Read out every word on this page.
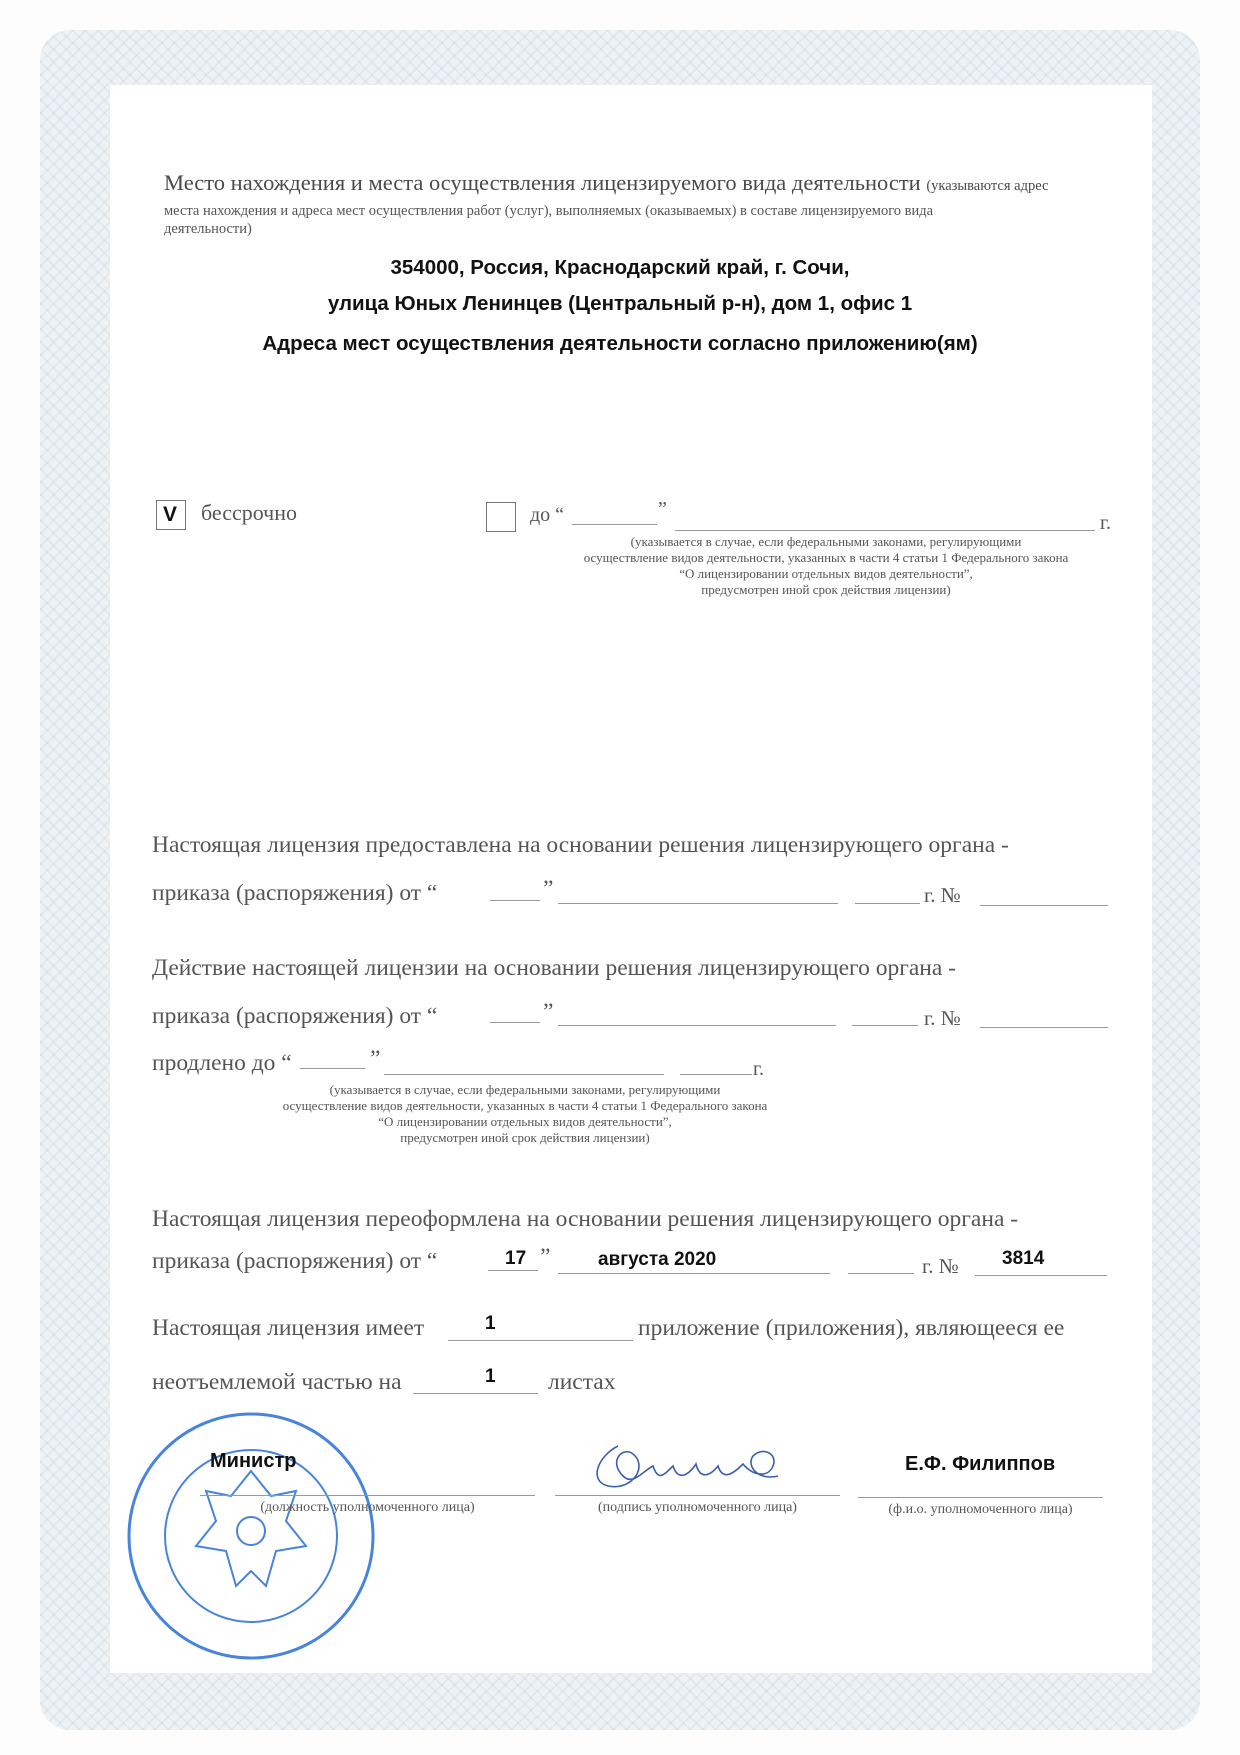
Место нахождения и места осуществления лицензируемого вида деятельности (указываются адрес
места нахождения и адреса мест осуществления работ (услуг), выполняемых (оказываемых) в составе лицензируемого вида
деятельности)
354000, Россия, Краснодарский край, г. Сочи,
улица Юных Ленинцев (Центральный р-н), дом 1, офис 1
Адреса мест осуществления деятельности согласно приложению(ям)
V бессрочно	до “	”
г.
(указывается в случае, если федеральными законами, регулирующими
осуществление видов деятельности, указанных в части 4 статьи 1 Федерального закона
“О лицензировании отдельных видов деятельности”,
предусмотрен иной срок действия лицензии)
Настоящая лицензия предоставлена на основании решения лицензирующего органа -
приказа (распоряжения) от “	”	г. №
Действие настоящей лицензии на основании решения лицензирующего органа -
приказа (распоряжения) от “	”	г. №
продлено до “	”	г.
(указывается в случае, если федеральными законами, регулирующими
осуществление видов деятельности, указанных в части 4 статьи 1 Федерального закона
“О лицензировании отдельных видов деятельности”,
предусмотрен иной срок действия лицензии)
Настоящая лицензия переоформлена на основании решения лицензирующего органа -
приказа (распоряжения) от “	17 ”	августа 2020	г. № 3814
Настоящая лицензия имеет	1	приложение (приложения), являющееся ее
неотъемлемой частью на	1 листах
Министр
(должность уполномоченного лица)	(подпись уполномоченного лица)
Е.Ф. Филиппов
(ф.и.о. уполномоченного лица)
